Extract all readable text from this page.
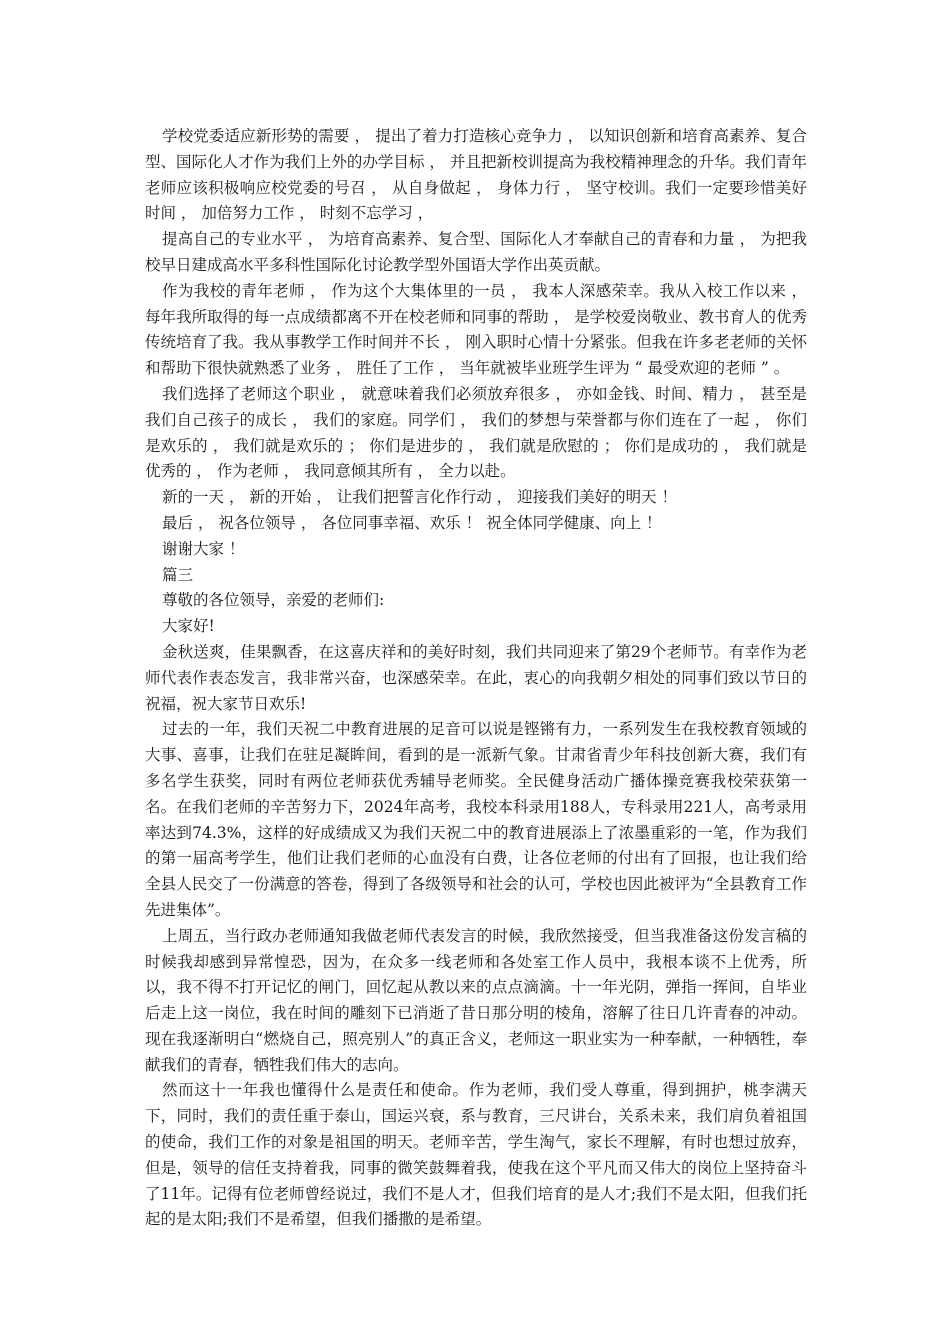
学校党委适应新形势的需要 ， 提出了着力打造核心竞争力 ， 以知识创新和培育高素养、复合型、国际化人才作为我们上外的办学目标 ， 并且把新校训提高为我校精神理念的升华。我们青年老师应该积极响应校党委的号召 ， 从自身做起 ， 身体力行 ， 坚守校训。我们一定要珍惜美好时间 ， 加倍努力工作 ， 时刻不忘学习 ，

提高自己的专业水平 ， 为培育高素养、复合型、国际化人才奉献自己的青春和力量 ， 为把我校早日建成高水平多科性国际化讨论教学型外国语大学作出英贡献。

作为我校的青年老师 ， 作为这个大集体里的一员 ， 我本人深感荣幸。我从入校工作以来 ， 每年我所取得的每一点成绩都离不开在校老师和同事的帮助 ， 是学校爱岗敬业、教书育人的优秀传统培育了我。我从事教学工作时间并不长 ， 刚入职时心情十分紧张。但我在许多老老师的关怀和帮助下很快就熟悉了业务 ， 胜任了工作 ， 当年就被毕业班学生评为 “ 最受欢迎的老师 ” 。

我们选择了老师这个职业 ， 就意味着我们必须放弃很多 ， 亦如金钱、时间、精力 ， 甚至是我们自己孩子的成长 ， 我们的家庭。同学们 ， 我们的梦想与荣誉都与你们连在了一起 ， 你们是欢乐的 ， 我们就是欢乐的 ； 你们是进步的 ， 我们就是欣慰的 ； 你们是成功的 ， 我们就是优秀的 ， 作为老师 ， 我同意倾其所有 ， 全力以赴。

新的一天 ， 新的开始 ， 让我们把誓言化作行动 ， 迎接我们美好的明天 ！

最后 ， 祝各位领导 ， 各位同事幸福、欢乐 ！ 祝全体同学健康、向上 ！

谢谢大家 ！

篇三

尊敬的各位领导，亲爱的老师们:

大家好!

金秋送爽，佳果飘香，在这喜庆祥和的美好时刻，我们共同迎来了第29个老师节。有幸作为老师代表作表态发言，我非常兴奋，也深感荣幸。在此，衷心的向我朝夕相处的同事们致以节日的祝福，祝大家节日欢乐!

过去的一年，我们天祝二中教育进展的足音可以说是铿锵有力，一系列发生在我校教育领域的大事、喜事，让我们在驻足凝眸间，看到的是一派新气象。甘肃省青少年科技创新大赛，我们有多名学生获奖，同时有两位老师获优秀辅导老师奖。全民健身活动广播体操竞赛我校荣获第一名。在我们老师的辛苦努力下，2024年高考，我校本科录用188人，专科录用221人，高考录用率达到74.3%，这样的好成绩成又为我们天祝二中的教育进展添上了浓墨重彩的一笔，作为我们的第一届高考学生，他们让我们老师的心血没有白费，让各位老师的付出有了回报，也让我们给全县人民交了一份满意的答卷，得到了各级领导和社会的认可，学校也因此被评为“全县教育工作先进集体”。

上周五，当行政办老师通知我做老师代表发言的时候，我欣然接受，但当我准备这份发言稿的时候我却感到异常惶恐，因为，在众多一线老师和各处室工作人员中，我根本谈不上优秀，所以，我不得不打开记忆的闸门，回忆起从教以来的点点滴滴。十一年光阴，弹指一挥间，自毕业后走上这一岗位，我在时间的雕刻下已消逝了昔日那分明的棱角，溶解了往日几许青春的冲动。现在我逐渐明白“燃烧自己，照亮别人”的真正含义，老师这一职业实为一种奉献，一种牺牲，奉献我们的青春，牺牲我们伟大的志向。

然而这十一年我也懂得什么是责任和使命。作为老师，我们受人尊重，得到拥护，桃李满天下，同时，我们的责任重于泰山，国运兴衰，系与教育，三尺讲台，关系未来，我们肩负着祖国的使命，我们工作的对象是祖国的明天。老师辛苦，学生淘气，家长不理解，有时也想过放弃，但是，领导的信任支持着我，同事的微笑鼓舞着我，使我在这个平凡而又伟大的岗位上坚持奋斗了11年。记得有位老师曾经说过，我们不是人才，但我们培育的是人才;我们不是太阳，但我们托起的是太阳;我们不是希望，但我们播撒的是希望。
